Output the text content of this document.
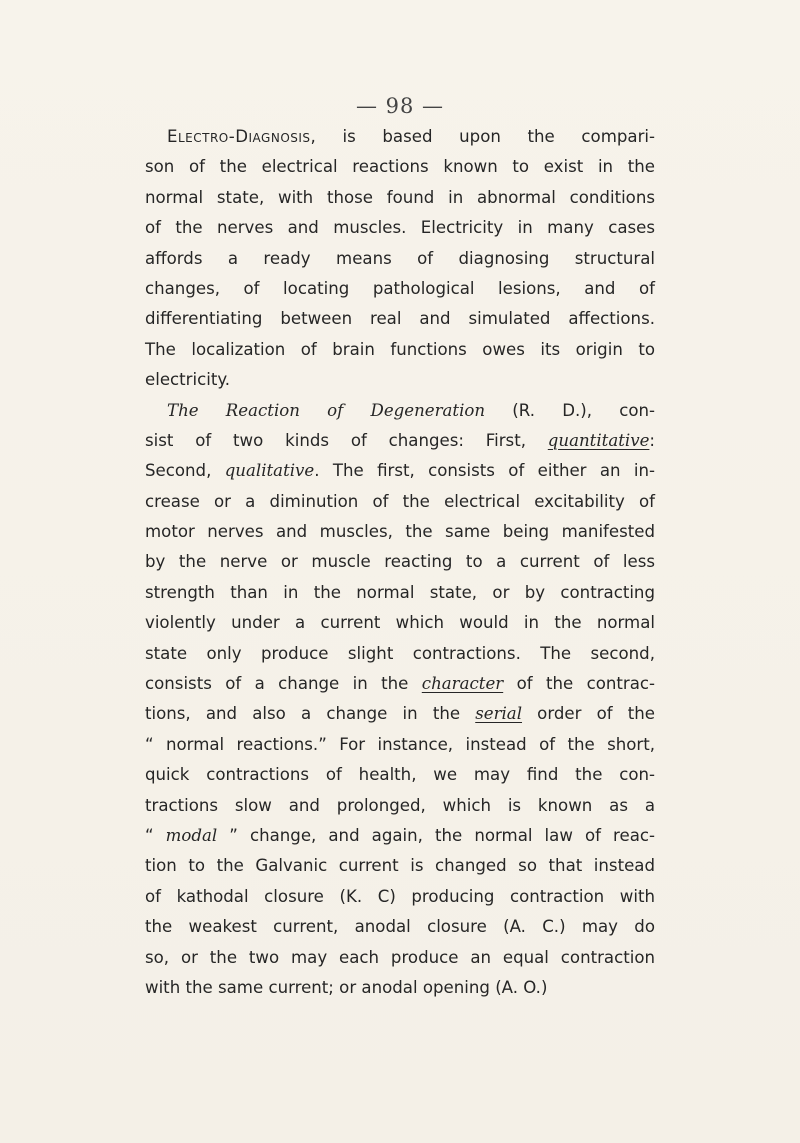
— 98 —
Electro-Diagnosis, is based upon the compari-
son of the electrical reactions known to exist in the
normal state, with those found in abnormal conditions
of the nerves and muscles. Electricity in many cases
affords a ready means of diagnosing structural
changes, of locating pathological lesions, and of
differentiating between real and simulated affections.
The localization of brain functions owes its origin to
electricity.
The Reaction of Degeneration (R. D.), con-
sist of two kinds of changes: First, quantitative:
Second, qualitative. The first, consists of either an in-
crease or a diminution of the electrical excitability of
motor nerves and muscles, the same being manifested
by the nerve or muscle reacting to a current of less
strength than in the normal state, or by contracting
violently under a current which would in the normal
state only produce slight contractions. The second,
consists of a change in the character of the contrac-
tions, and also a change in the serial order of the
“ normal reactions.” For instance, instead of the short,
quick contractions of health, we may find the con-
tractions slow and prolonged, which is known as a
“ modal ” change, and again, the normal law of reac-
tion to the Galvanic current is changed so that instead
of kathodal closure (K. C) producing contraction with
the weakest current, anodal closure (A. C.) may do
so, or the two may each produce an equal contraction
with the same current; or anodal opening (A. O.)
